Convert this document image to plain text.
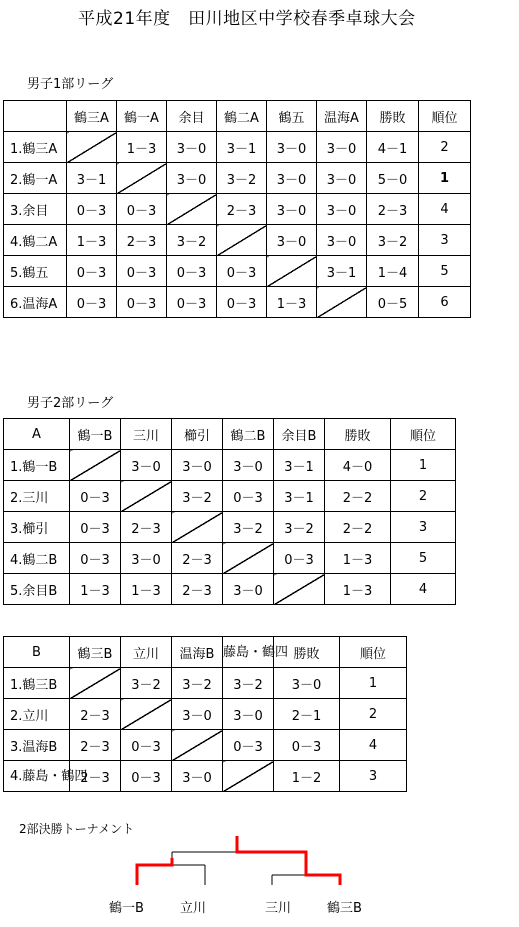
平成21年度　田川地区中学校春季卓球大会
男子1部リーグ
	鶴三A	鶴一A	余目	鶴二A	鶴五	温海A	勝敗	順位
1.鶴三A		1－3	3－0	3－1	3－0	3－0	4－1	2
2.鶴一A	3－1		3－0	3－2	3－0	3－0	5－0	1
3.余目	0－3	0－3		2－3	3－0	3－0	2－3	4
4.鶴二A	1－3	2－3	3－2		3－0	3－0	3－2	3
5.鶴五	0－3	0－3	0－3	0－3		3－1	1－4	5
6.温海A	0－3	0－3	0－3	0－3	1－3		0－5	6
男子2部リーグ
A	鶴一B	三川	櫛引	鶴二B	余目B	勝敗	順位
1.鶴一B		3－0	3－0	3－0	3－1	4－0	1
2.三川	0－3		3－2	0－3	3－1	2－2	2
3.櫛引	0－3	2－3		3－2	3－2	2－2	3
4.鶴二B	0－3	3－0	2－3		0－3	1－3	5
5.余目B	1－3	1－3	2－3	3－0		1－3	4
B	鶴三B	立川	温海B	藤島・鶴四	勝敗	順位
1.鶴三B		3－2	3－2	3－2	3－0	1
2.立川	2－3		3－0	3－0	2－1	2
3.温海B	2－3	0－3		0－3	0－3	4
4.藤島・鶴四	2－3	0－3	3－0		1－2	3
2部決勝トーナメント
鶴一B	立川	三川	鶴三B
